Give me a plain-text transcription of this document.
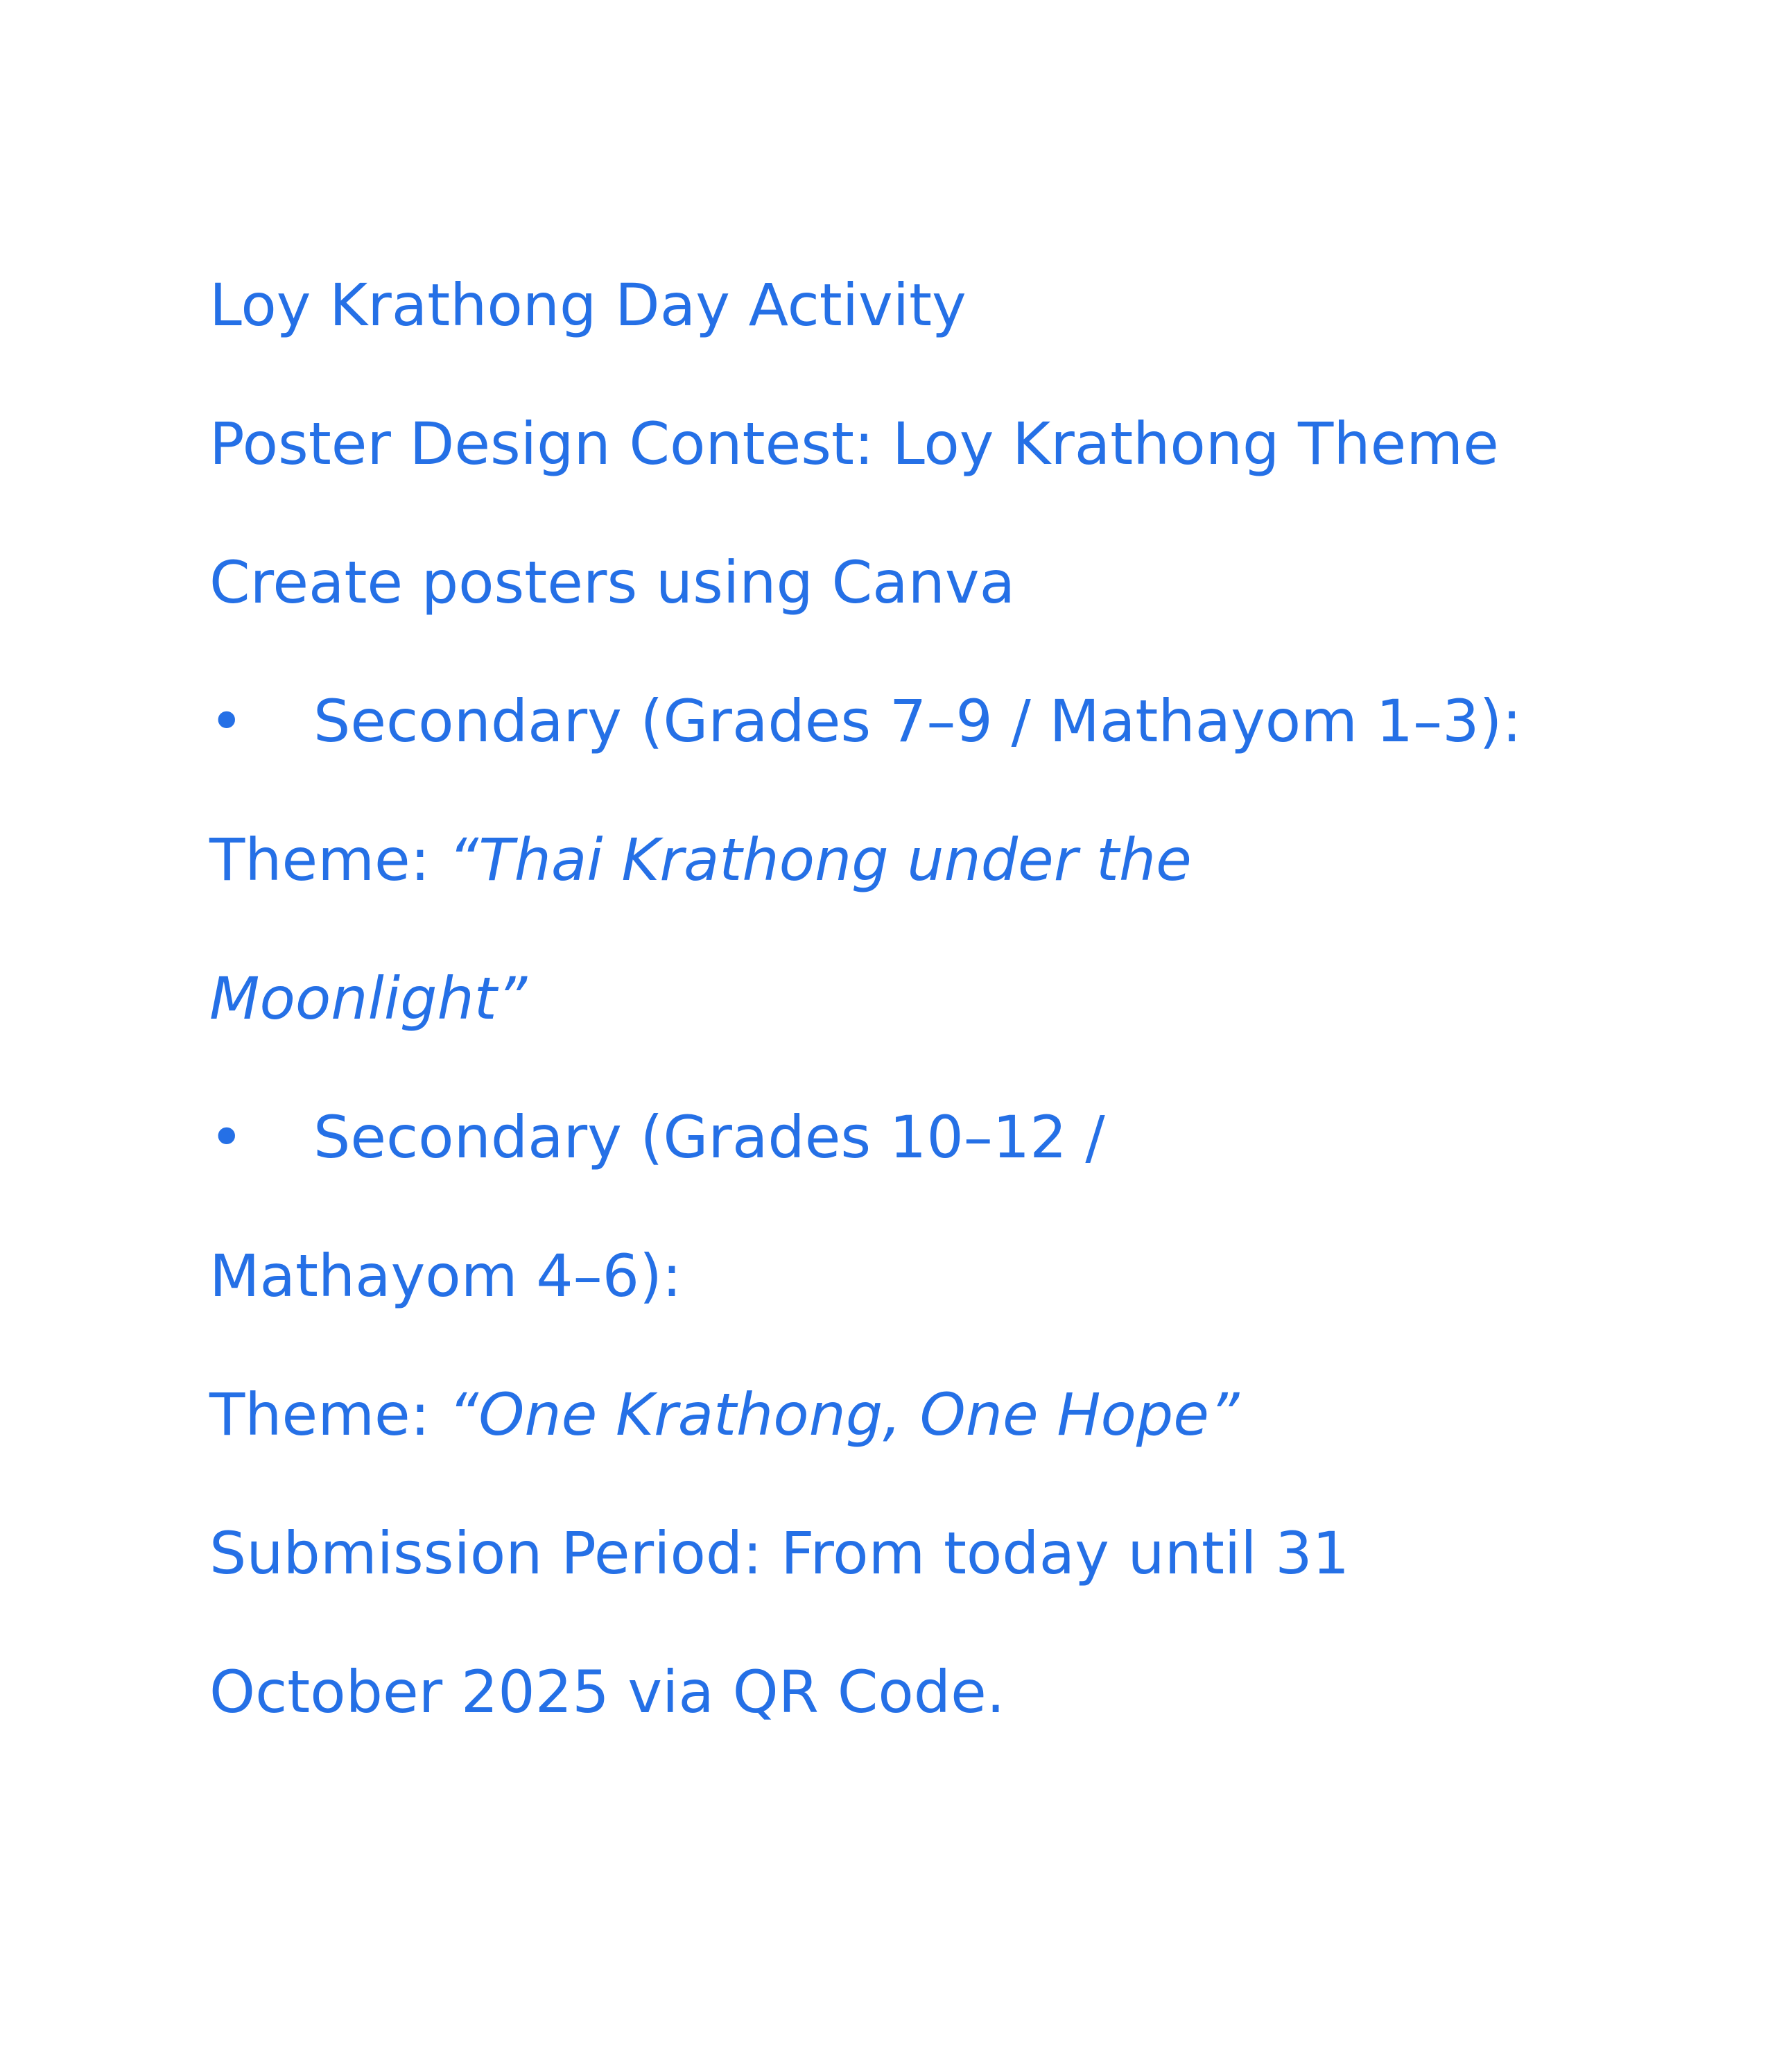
Loy Krathong Day Activity
Poster Design Contest: Loy Krathong Theme
Create posters using Canva
• Secondary (Grades 7–9 / Mathayom 1–3):
Theme: “Thai Krathong under the Moonlight”
• Secondary (Grades 10–12 / Mathayom 4–6):
Theme: “One Krathong, One Hope”
Submission Period: From today until 31 October 2025 via QR Code.
